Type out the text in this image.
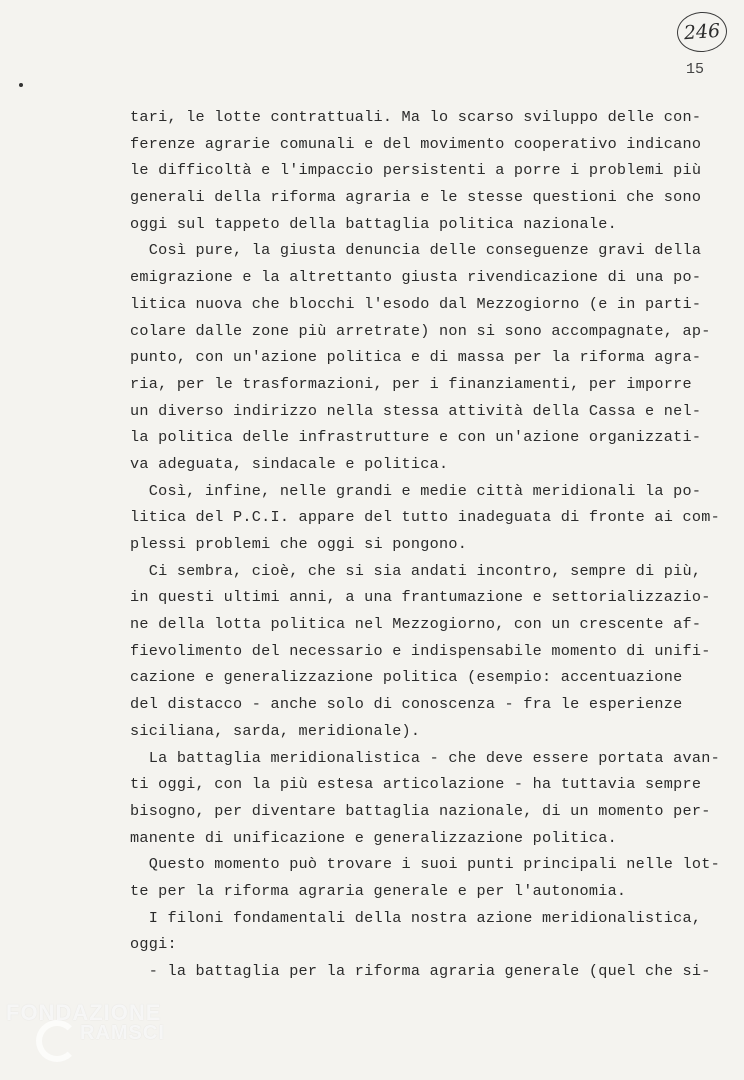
246
15
tari, le lotte contrattuali. Ma lo scarso sviluppo delle con-
ferenze agrarie comunali e del movimento cooperativo indicano
le difficoltà e l'impaccio persistenti a porre i problemi più
generali della riforma agraria e le stesse questioni che sono
oggi sul tappeto della battaglia politica nazionale.
Così pure, la giusta denuncia delle conseguenze gravi della
emigrazione e la altrettanto giusta rivendicazione di una po-
litica nuova che blocchi l'esodo dal Mezzogiorno (e in parti-
colare dalle zone più arretrate) non si sono accompagnate, ap-
punto, con un'azione politica e di massa per la riforma agra-
ria, per le trasformazioni, per i finanziamenti, per imporre
un diverso indirizzo nella stessa attività della Cassa e nel-
la politica delle infrastrutture e con un'azione organizzati-
va adeguata, sindacale e politica.
Così, infine, nelle grandi e medie città meridionali la po-
litica del P.C.I. appare del tutto inadeguata di fronte ai com-
plessi problemi che oggi si pongono.
Ci sembra, cioè, che si sia andati incontro, sempre di più,
in questi ultimi anni, a una frantumazione e settorializzazio-
ne della lotta politica nel Mezzogiorno, con un crescente af-
fievolimento del necessario e indispensabile momento di unifi-
cazione e generalizzazione politica (esempio: accentuazione
del distacco - anche solo di conoscenza - fra le esperienze
siciliana, sarda, meridionale).
La battaglia meridionalistica - che deve essere portata avan-
ti oggi, con la più estesa articolazione - ha tuttavia sempre
bisogno, per diventare battaglia nazionale, di un momento per-
manente di unificazione e generalizzazione politica.
Questo momento può trovare i suoi punti principali nelle lot-
te per la riforma agraria generale e per l'autonomia.
I filoni fondamentali della nostra azione meridionalistica,
oggi:
- la battaglia per la riforma agraria generale (quel che si-
FONDAZIONE
RAMSCI
